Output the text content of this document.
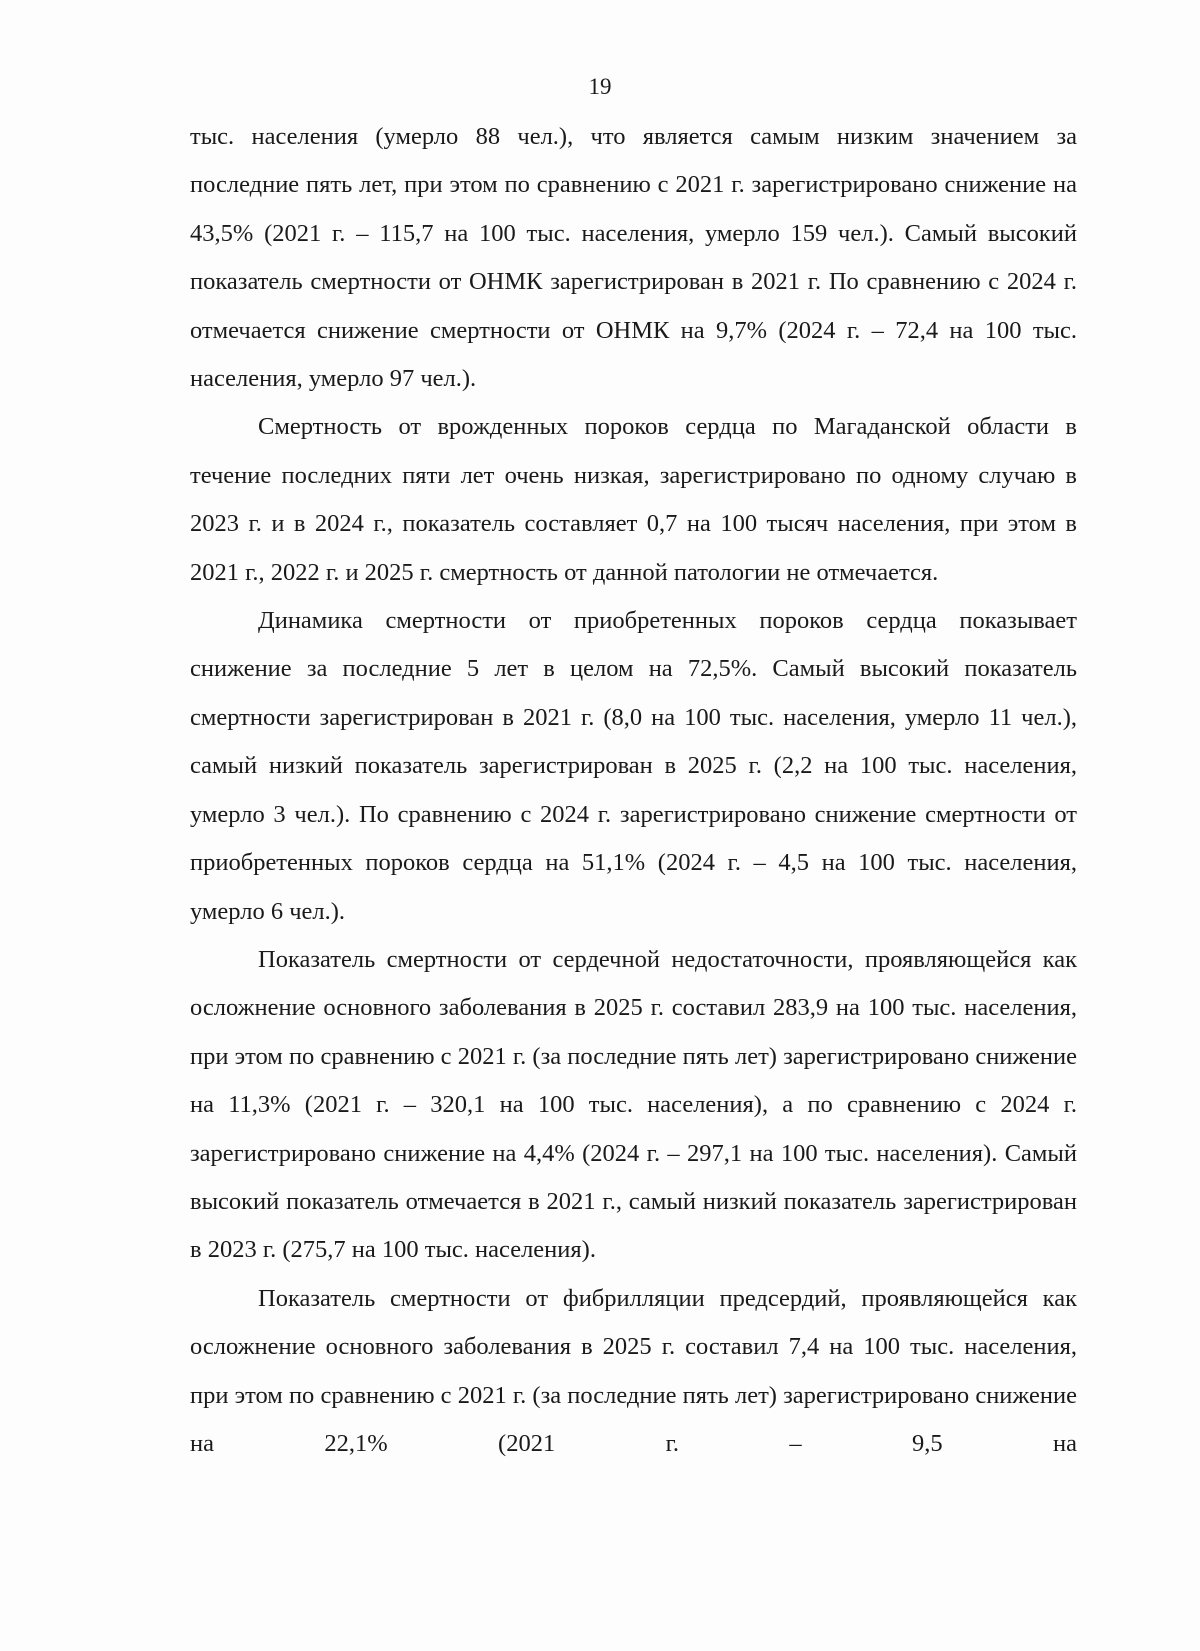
19

тыс. населения (умерло 88 чел.), что является самым низким значением за последние пять лет, при этом по сравнению с 2021 г. зарегистрировано снижение на 43,5% (2021 г. – 115,7 на 100 тыс. населения, умерло 159 чел.). Самый высокий показатель смертности от ОНМК зарегистрирован в 2021 г. По сравнению с 2024 г. отмечается снижение смертности от ОНМК на 9,7% (2024 г. – 72,4 на 100 тыс. населения, умерло 97 чел.).

Смертность от врожденных пороков сердца по Магаданской области в течение последних пяти лет очень низкая, зарегистрировано по одному случаю в 2023 г. и в 2024 г., показатель составляет 0,7 на 100 тысяч населения, при этом в 2021 г., 2022 г. и 2025 г. смертность от данной патологии не отмечается.

Динамика смертности от приобретенных пороков сердца показывает снижение за последние 5 лет в целом на 72,5%. Самый высокий показатель смертности зарегистрирован в 2021 г. (8,0 на 100 тыс. населения, умерло 11 чел.), самый низкий показатель зарегистрирован в 2025 г. (2,2 на 100 тыс. населения, умерло 3 чел.). По сравнению с 2024 г. зарегистрировано снижение смертности от приобретенных пороков сердца на 51,1% (2024 г. – 4,5 на 100 тыс. населения, умерло 6 чел.).

Показатель смертности от сердечной недостаточности, проявляющейся как осложнение основного заболевания в 2025 г. составил 283,9 на 100 тыс. населения, при этом по сравнению с 2021 г. (за последние пять лет) зарегистрировано снижение на 11,3% (2021 г. – 320,1 на 100 тыс. населения), а по сравнению с 2024 г. зарегистрировано снижение на 4,4% (2024 г. – 297,1 на 100 тыс. населения). Самый высокий показатель отмечается в 2021 г., самый низкий показатель зарегистрирован в 2023 г. (275,7 на 100 тыс. населения).

Показатель смертности от фибрилляции предсердий, проявляющейся как осложнение основного заболевания в 2025 г. составил 7,4 на 100 тыс. населения, при этом по сравнению с 2021 г. (за последние пять лет) зарегистрировано снижение на 22,1% (2021 г. – 9,5 на
